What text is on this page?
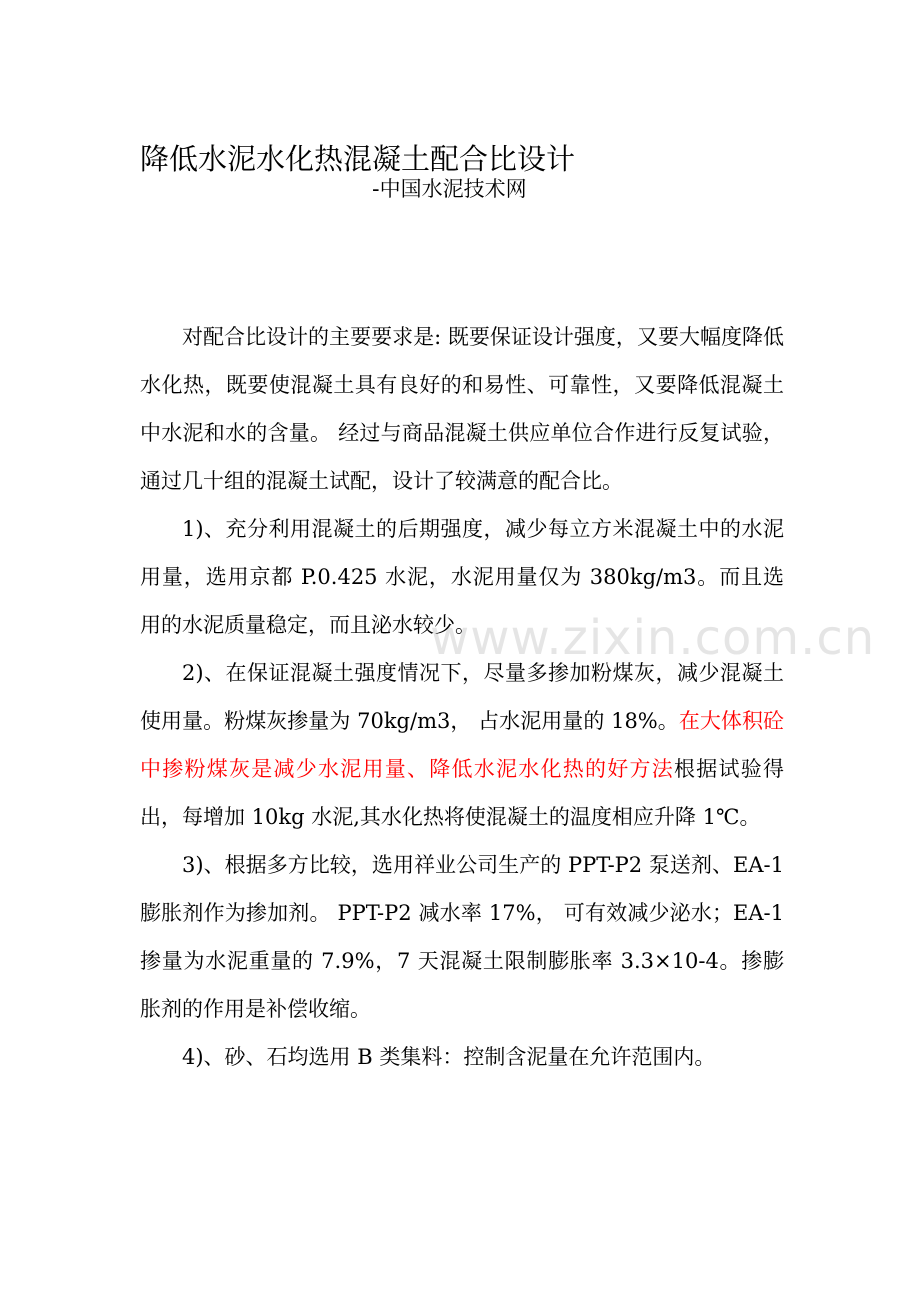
降低水泥水化热混凝土配合比设计
-中国水泥技术网
www.zixin.com.cn

对配合比设计的主要要求是: 既要保证设计强度，又要大幅度降低水化热，既要使混凝土具有良好的和易性、可靠性，又要降低混凝土中水泥和水的含量。 经过与商品混凝土供应单位合作进行反复试验，通过几十组的混凝土试配，设计了较满意的配合比。

1)、充分利用混凝土的后期强度，减少每立方米混凝土中的水泥用量，选用京都 P.0.425 水泥，水泥用量仅为 380kg/m3。而且选用的水泥质量稳定，而且泌水较少。

2)、在保证混凝土强度情况下，尽量多掺加粉煤灰，减少混凝土使用量。粉煤灰掺量为 70kg/m3， 占水泥用量的 18%。在大体积砼中掺粉煤灰是减少水泥用量、降低水泥水化热的好方法根据试验得出，每增加 10kg 水泥,其水化热将使混凝土的温度相应升降 1℃。

3)、根据多方比较，选用祥业公司生产的 PPT-P2 泵送剂、EA-1 膨胀剂作为掺加剂。 PPT-P2 减水率 17%， 可有效减少泌水；EA-1 掺量为水泥重量的 7.9%，7 天混凝土限制膨胀率 3.3×10-4。掺膨胀剂的作用是补偿收缩。

4)、砂、石均选用 B 类集料：控制含泥量在允许范围内。
